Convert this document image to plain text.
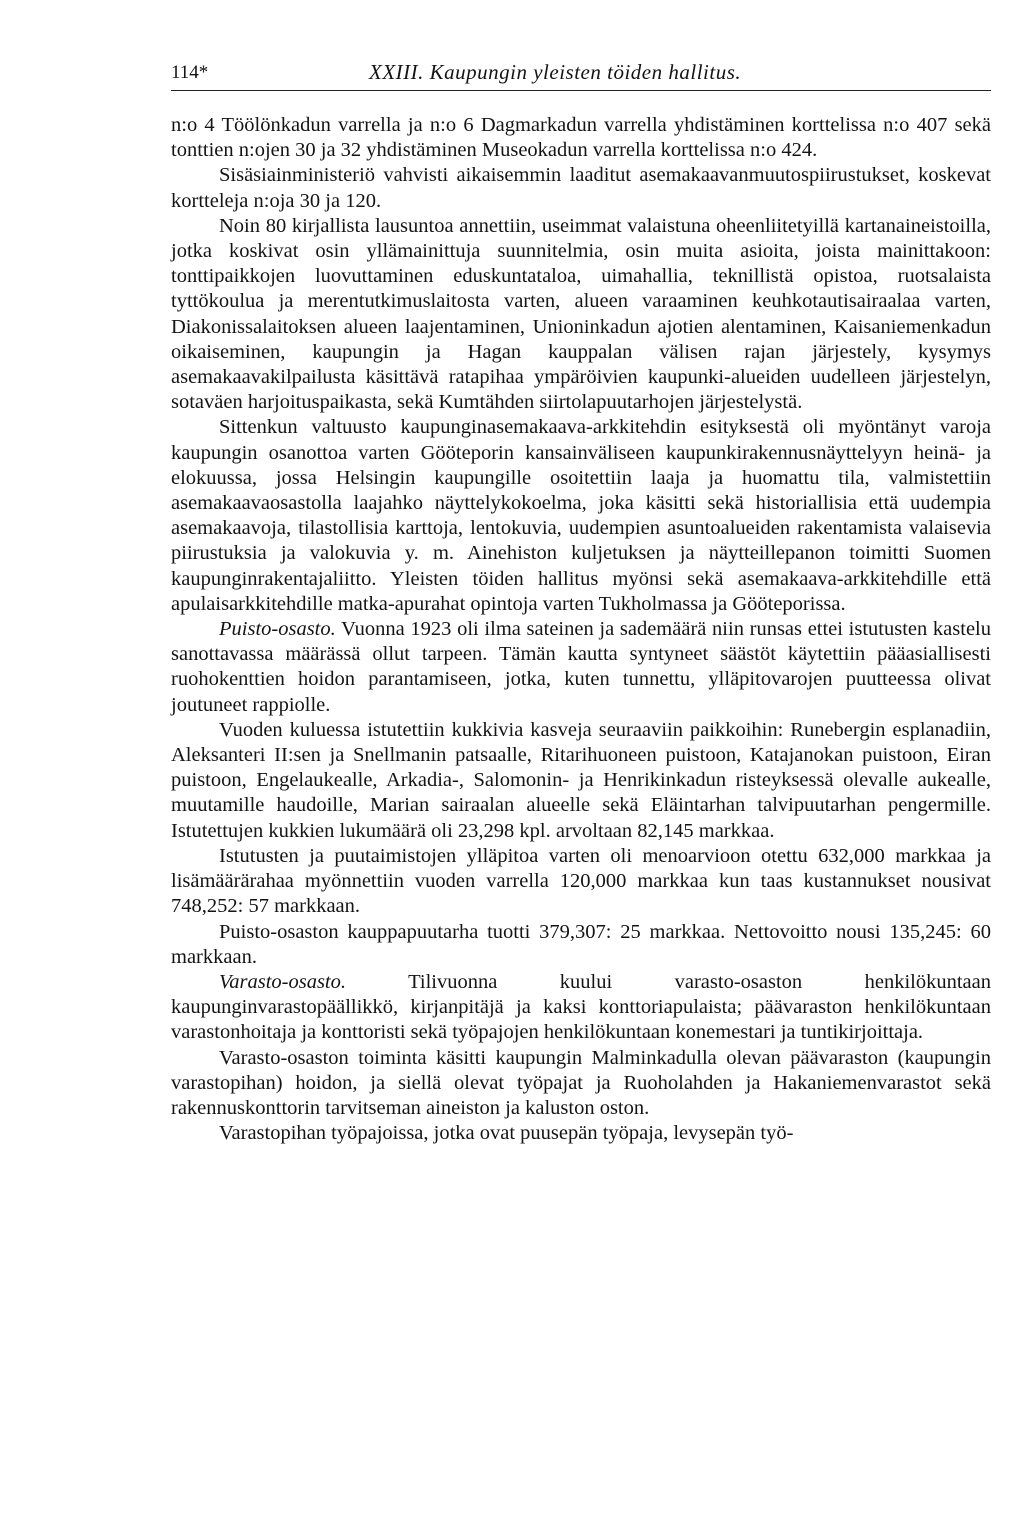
114*	XXIII. Kaupungin yleisten töiden hallitus.

n:o 4 Töölönkadun varrella ja n:o 6 Dagmarkadun varrella yhdistäminen korttelissa n:o 407 sekä tonttien n:ojen 30 ja 32 yhdistäminen Museokadun varrella korttelissa n:o 424.

Sisäsiainministeriö vahvisti aikaisemmin laaditut asemakaavanmuutospiirustukset, koskevat kortteleja n:oja 30 ja 120.

Noin 80 kirjallista lausuntoa annettiin, useimmat valaistuna oheenliitetyillä kartanaineistoilla, jotka koskivat osin yllämainittuja suunnitelmia, osin muita asioita, joista mainittakoon: tonttipaikkojen luovuttaminen eduskuntataloa, uimahallia, teknillistä opistoa, ruotsalaista tyttökoulua ja merentutkimuslaitosta varten, alueen varaaminen keuhkotautisairaalaa varten, Diakonissalaitoksen alueen laajentaminen, Unioninkadun ajotien alentaminen, Kaisaniemenkadun oikaiseminen, kaupungin ja Hagan kauppalan välisen rajan järjestely, kysymys asemakaavakilpailusta käsittävä ratapihaa ympäröivien kaupunki-alueiden uudelleen järjestelyn, sotaväen harjoituspaikasta, sekä Kumtähden siirtolapuutarhojen järjestelystä.

Sittenkun valtuusto kaupunginasemakaava-arkkitehdin esityksestä oli myöntänyt varoja kaupungin osanottoa varten Gööteporin kansainväliseen kaupunkirakennusnäyttelyyn heinä- ja elokuussa, jossa Helsingin kaupungille osoitettiin laaja ja huomattu tila, valmistettiin asemakaavaosastolla laajahko näyttelykokoelma, joka käsitti sekä historiallisia että uudempia asemakaavoja, tilastollisia karttoja, lentokuvia, uudempien asuntoalueiden rakentamista valaisevia piirustuksia ja valokuvia y. m. Ainehiston kuljetuksen ja näytteillepanon toimitti Suomen kaupunginrakentajaliitto. Yleisten töiden hallitus myönsi sekä asemakaava-arkkitehdille että apulaisarkkitehdille matka-apurahat opintoja varten Tukholmassa ja Gööteporissa.

Puisto-osasto. Vuonna 1923 oli ilma sateinen ja sademäärä niin runsas ettei istutusten kastelu sanottavassa määrässä ollut tarpeen. Tämän kautta syntyneet säästöt käytettiin pääasiallisesti ruohokenttien hoidon parantamiseen, jotka, kuten tunnettu, ylläpitovarojen puutteessa olivat joutuneet rappiolle.

Vuoden kuluessa istutettiin kukkivia kasveja seuraaviin paikkoihin: Runebergin esplanadiin, Aleksanteri II:sen ja Snellmanin patsaalle, Ritarihuoneen puistoon, Katajanokan puistoon, Eiran puistoon, Engelaukealle, Arkadia-, Salomonin- ja Henrikinkadun risteyksessä olevalle aukealle, muutamille haudoille, Marian sairaalan alueelle sekä Eläintarhan talvipuutarhan pengermille. Istutettujen kukkien lukumäärä oli 23,298 kpl. arvoltaan 82,145 markkaa.

Istutusten ja puutaimistojen ylläpitoa varten oli menoarvioon otettu 632,000 markkaa ja lisämäärärahaa myönnettiin vuoden varrella 120,000 markkaa kun taas kustannukset nousivat 748,252: 57 markkaan.

Puisto-osaston kauppapuutarha tuotti 379,307: 25 markkaa. Nettovoitto nousi 135,245: 60 markkaan.

Varasto-osasto. Tilivuonna kuului varasto-osaston henkilökuntaan kaupunginvarastopäällikkö, kirjanpitäjä ja kaksi konttoriapulaista; päävaraston henkilökuntaan varastonhoitaja ja konttoristi sekä työpajojen henkilökuntaan konemestari ja tuntikirjoittaja.

Varasto-osaston toiminta käsitti kaupungin Malminkadulla olevan päävaraston (kaupungin varastopihan) hoidon, ja siellä olevat työpajat ja Ruoholahden ja Hakaniemenvarastot sekä rakennuskonttorin tarvitseman aineiston ja kaluston oston.

Varastopihan työpajoissa, jotka ovat puusepän työpaja, levysepän työ-
